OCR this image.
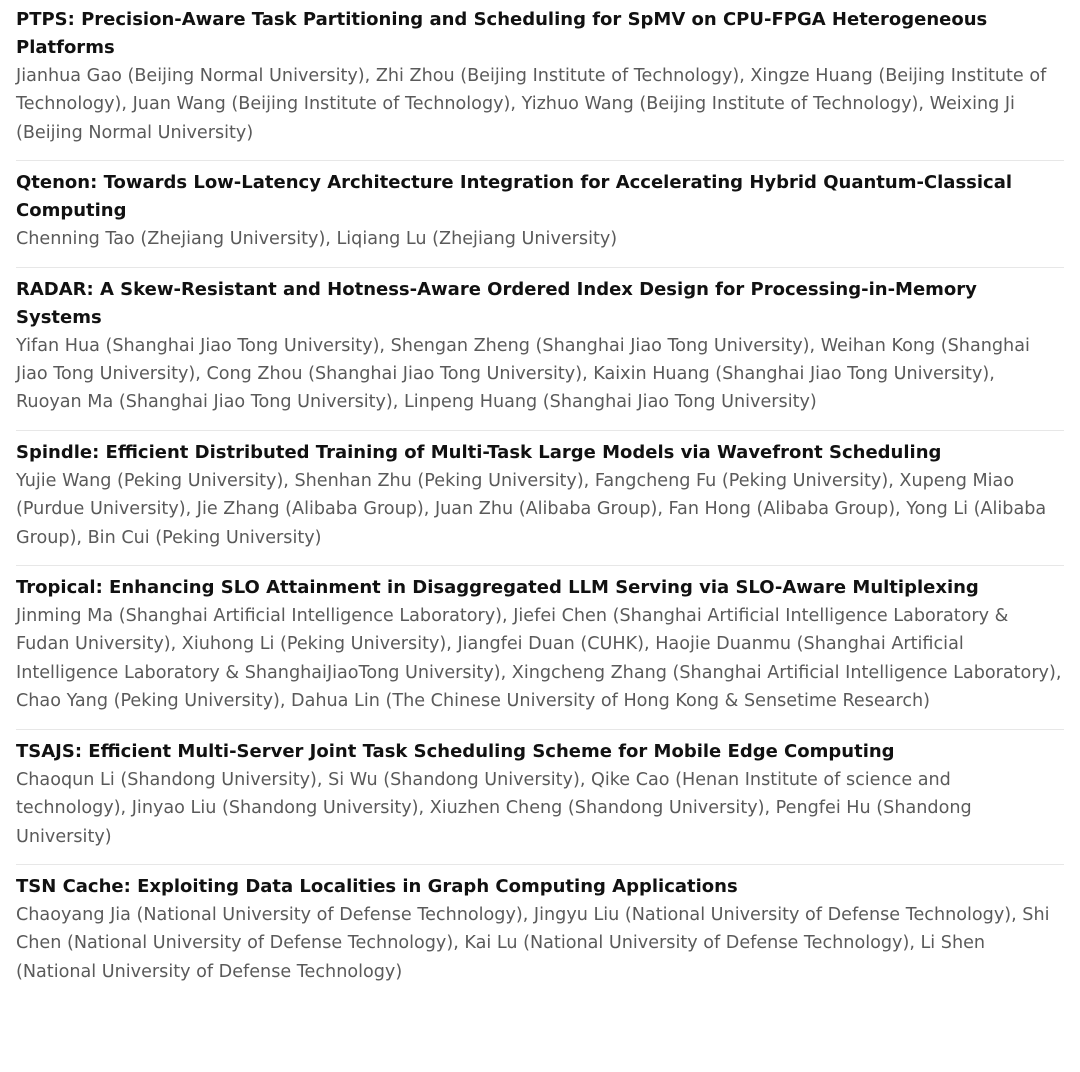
PTPS: Precision-Aware Task Partitioning and Scheduling for SpMV on CPU-FPGA Heterogeneous Platforms

Jianhua Gao (Beijing Normal University), Zhi Zhou (Beijing Institute of Technology), Xingze Huang (Beijing Institute of Technology), Juan Wang (Beijing Institute of Technology), Yizhuo Wang (Beijing Institute of Technology), Weixing Ji (Beijing Normal University)

Qtenon: Towards Low-Latency Architecture Integration for Accelerating Hybrid Quantum-Classical Computing

Chenning Tao (Zhejiang University), Liqiang Lu (Zhejiang University)

RADAR: A Skew-Resistant and Hotness-Aware Ordered Index Design for Processing-in-Memory Systems

Yifan Hua (Shanghai Jiao Tong University), Shengan Zheng (Shanghai Jiao Tong University), Weihan Kong (Shanghai Jiao Tong University), Cong Zhou (Shanghai Jiao Tong University), Kaixin Huang (Shanghai Jiao Tong University), Ruoyan Ma (Shanghai Jiao Tong University), Linpeng Huang (Shanghai Jiao Tong University)

Spindle: Efficient Distributed Training of Multi-Task Large Models via Wavefront Scheduling

Yujie Wang (Peking University), Shenhan Zhu (Peking University), Fangcheng Fu (Peking University), Xupeng Miao (Purdue University), Jie Zhang (Alibaba Group), Juan Zhu (Alibaba Group), Fan Hong (Alibaba Group), Yong Li (Alibaba Group), Bin Cui (Peking University)

Tropical: Enhancing SLO Attainment in Disaggregated LLM Serving via SLO-Aware Multiplexing

Jinming Ma (Shanghai Artificial Intelligence Laboratory), Jiefei Chen (Shanghai Artificial Intelligence Laboratory & Fudan University), Xiuhong Li (Peking University), Jiangfei Duan (CUHK), Haojie Duanmu (Shanghai Artificial Intelligence Laboratory & ShanghaiJiaoTong University), Xingcheng Zhang (Shanghai Artificial Intelligence Laboratory), Chao Yang (Peking University), Dahua Lin (The Chinese University of Hong Kong & Sensetime Research)

TSAJS: Efficient Multi-Server Joint Task Scheduling Scheme for Mobile Edge Computing

Chaoqun Li (Shandong University), Si Wu (Shandong University), Qike Cao (Henan Institute of science and technology), Jinyao Liu (Shandong University), Xiuzhen Cheng (Shandong University), Pengfei Hu (Shandong University)

TSN Cache: Exploiting Data Localities in Graph Computing Applications

Chaoyang Jia (National University of Defense Technology), Jingyu Liu (National University of Defense Technology), Shi Chen (National University of Defense Technology), Kai Lu (National University of Defense Technology), Li Shen (National University of Defense Technology)
